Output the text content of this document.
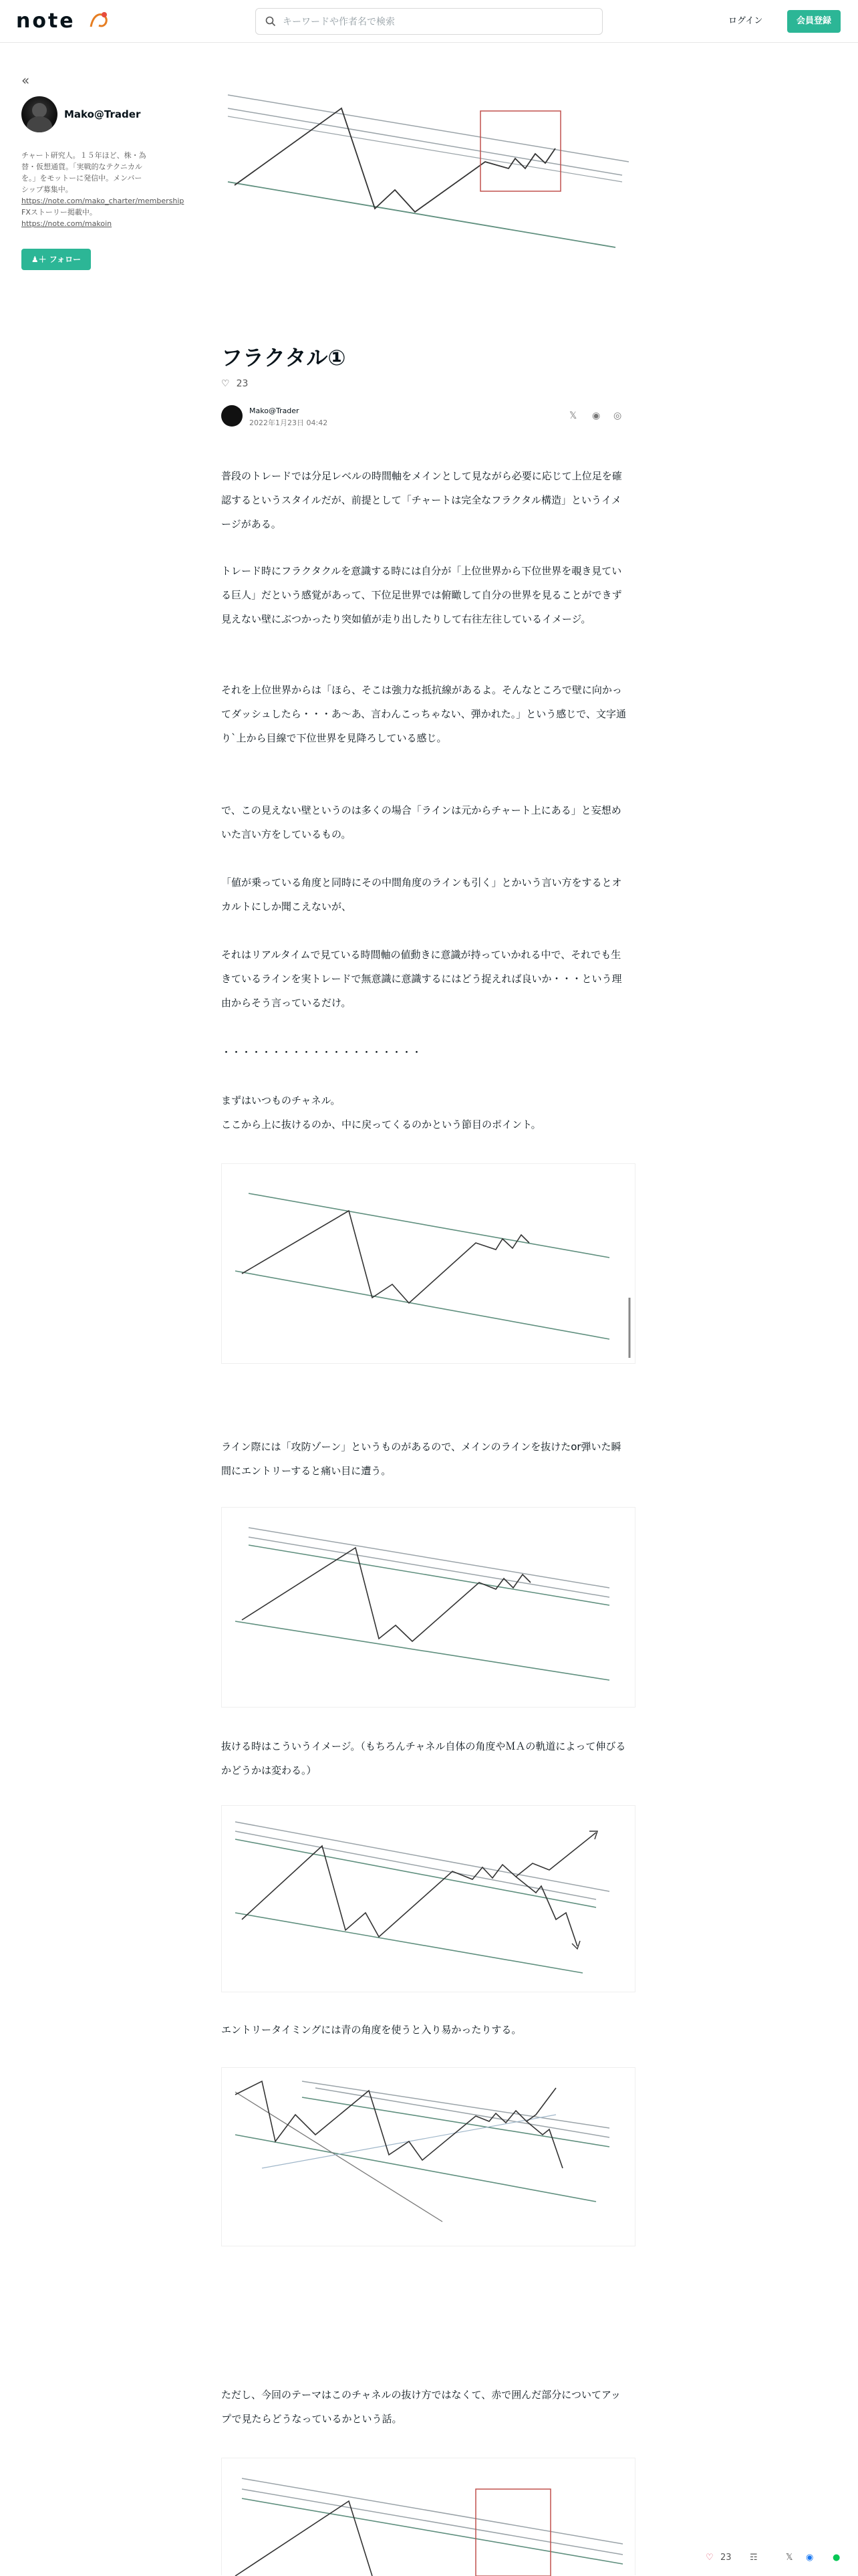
note
キーワードや作者名で検索	ログイン	会員登録
«
Mako@Trader
チャート研究人。１５年ほど、株・為替・仮想通貨。「実戦的なテクニカルを。」をモットーに発信中。メンバーシップ募集中。 https://note.com/mako_charter/membership FXストーリー掲載中。 https://note.com/makoin
♟＋ フォロー
フラクタル①
♡ 23
Mako@Trader
2022年1月23日 04:42
𝕏 ◉ ◎
普段のトレードでは分足レベルの時間軸をメインとして見ながら必要に応じて上位足を確認するというスタイルだが、前提として「チャートは完全なフラクタル構造」というイメージがある。
トレード時にフラクタクルを意識する時には自分が「上位世界から下位世界を覗き見ている巨人」だという感覚があって、下位足世界では俯瞰して自分の世界を見ることができず見えない壁にぶつかったり突如値が走り出したりして右往左往しているイメージ。
それを上位世界からは「ほら、そこは強力な抵抗線があるよ。そんなところで壁に向かってダッシュしたら・・・あ〜あ、言わんこっちゃない、弾かれた。」という感じで、文字通り`上から目線で下位世界を見降ろしている感じ。
で、この見えない壁というのは多くの場合「ラインは元からチャート上にある」と妄想めいた言い方をしているもの。
「値が乗っている角度と同時にその中間角度のラインも引く」とかいう言い方をするとオカルトにしか聞こえないが、
それはリアルタイムで見ている時間軸の値動きに意識が持っていかれる中で、それでも生きているラインを実トレードで無意識に意識するにはどう捉えれば良いか・・・という理由からそう言っているだけ。
・・・・・・・・・・・・・・・・・・・・
まずはいつものチャネル。
ここから上に抜けるのか、中に戻ってくるのかという節目のポイント。
ライン際には「攻防ゾーン」というものがあるので、メインのラインを抜けたor弾いた瞬間にエントリーすると痛い目に遭う。
抜ける時はこういうイメージ。（もちろんチャネル自体の角度やＭＡの軌道によって伸びるかどうかは変わる。）
エントリータイミングには青の角度を使うと入り易かったりする。
ただし、今回のテーマはこのチャネルの抜け方ではなくて、赤で囲んだ部分についてアップで見たらどうなっているかという話。
♡ 23 ☶	𝕏 ◉ ●
